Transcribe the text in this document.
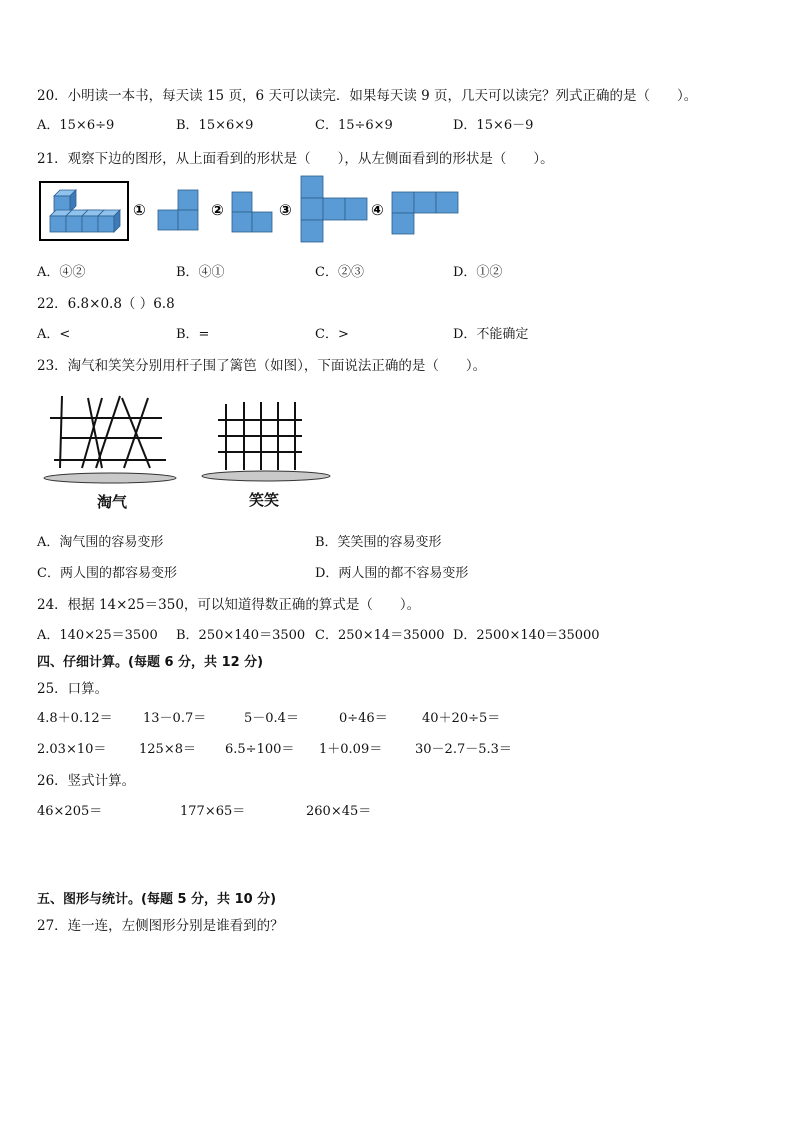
20．小明读一本书，每天读 15 页，6 天可以读完．如果每天读 9 页，几天可以读完？列式正确的是（　　）。
A．15×6÷9	B．15×6×9	C．15÷6×9	D．15×6－9
21．观察下边的图形，从上面看到的形状是（　　），从左侧面看到的形状是（　　）。
①	②	③	④
A．④②	B．④①	C．②③	D．①②
22．6.8×0.8（ ）6.8
A．<	B．=	C．>	D．不能确定
23．淘气和笑笑分别用杆子围了篱笆（如图），下面说法正确的是（　　）。
淘气	笑笑
A．淘气围的容易变形	B．笑笑围的容易变形
C．两人围的都容易变形	D．两人围的都不容易变形
24．根据 14×25＝350，可以知道得数正确的算式是（　　）。
A．140×25＝3500 B．250×140＝3500 C．250×14＝35000 D．2500×140＝35000
四、仔细计算。(每题 6 分，共 12 分)
25．口算。
4.8＋0.12＝ 13－0.7＝	5－0.4＝	0÷46＝	40＋20÷5＝
2.03×10＝	125×8＝ 6.5÷100＝ 1＋0.09＝	30－2.7－5.3＝
26．竖式计算。
46×205＝	177×65＝	260×45＝
五、图形与统计。(每题 5 分，共 10 分)
27．连一连，左侧图形分别是谁看到的？
